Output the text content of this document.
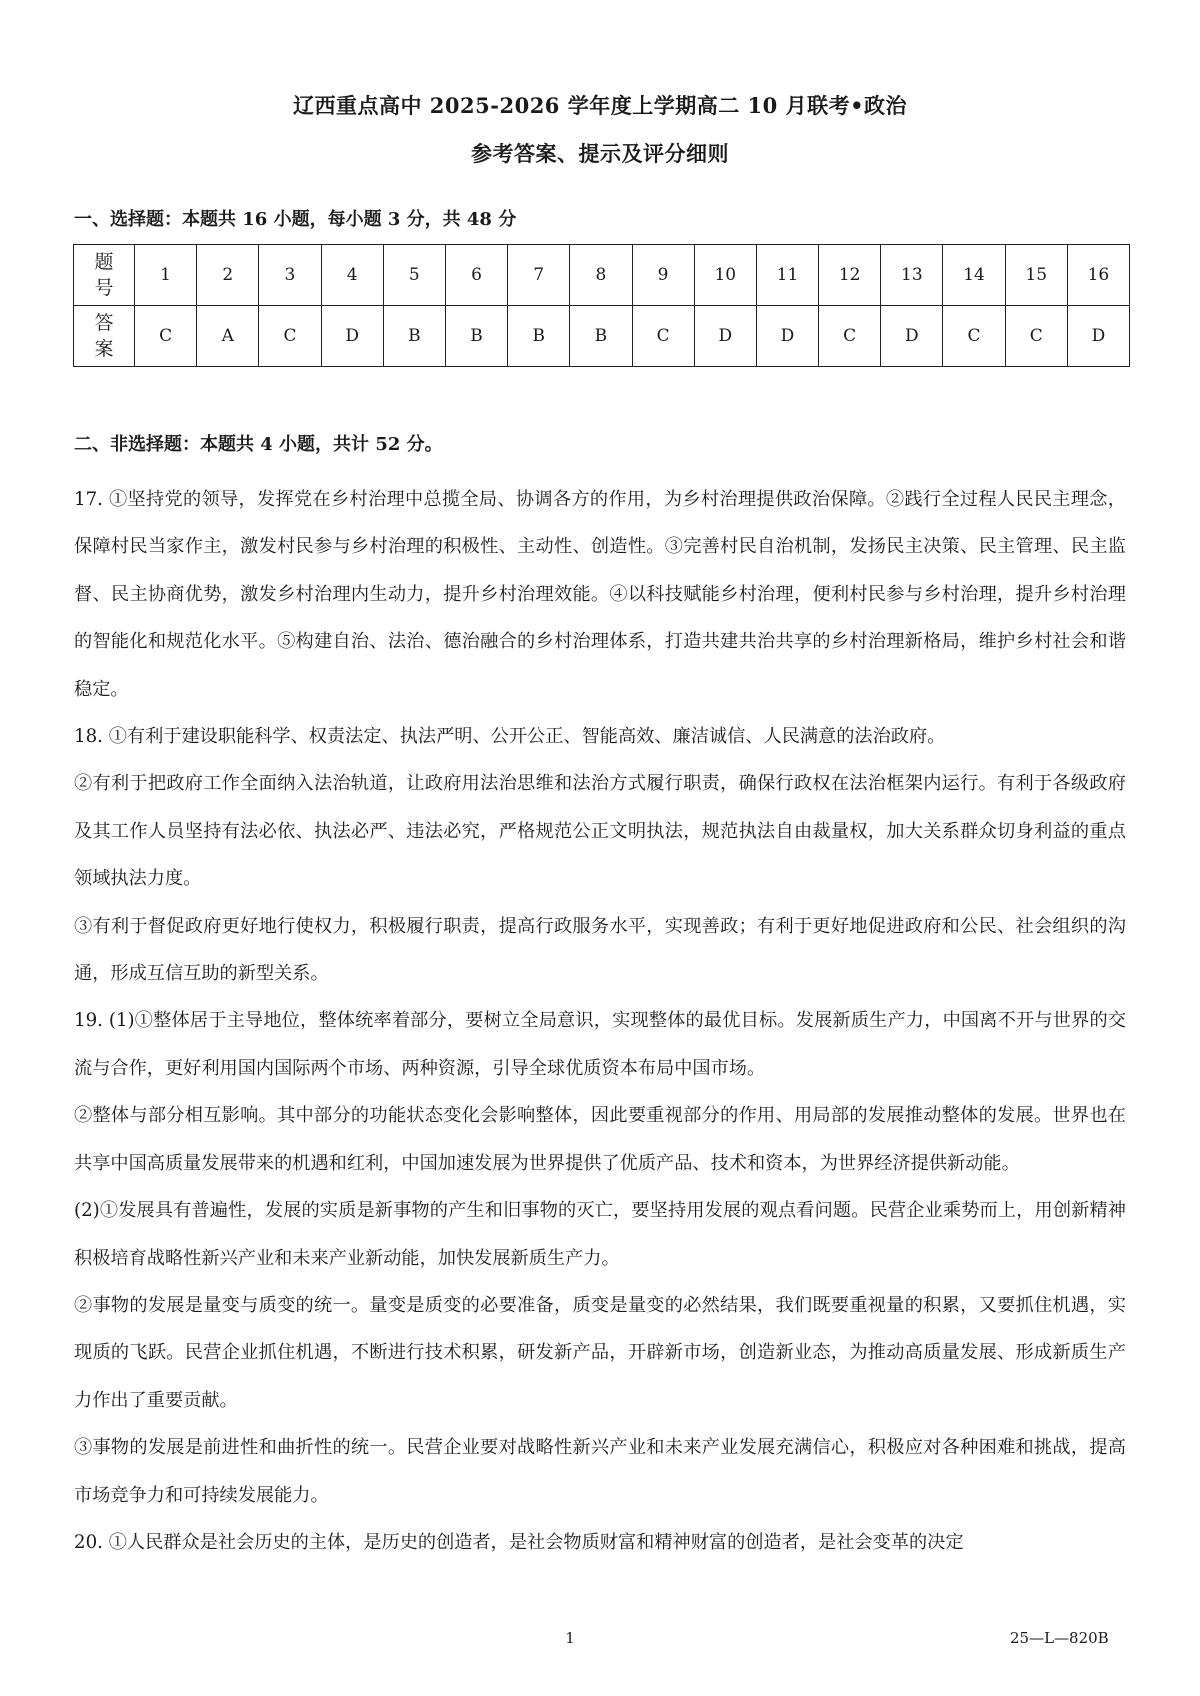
辽西重点高中 2025-2026 学年度上学期高二 10 月联考•政治
参考答案、提示及评分细则
一、选择题：本题共 16 小题，每小题 3 分，共 48 分
题
号	1	2	3	4	5	6	7	8	9	10	11	12	13	14	15	16
答
案	C	A	C	D	B	B	B	B	C	D	D	C	D	C	C	D
二、非选择题：本题共 4 小题，共计 52 分。

17. ①坚持党的领导，发挥党在乡村治理中总揽全局、协调各方的作用，为乡村治理提供政治保障。②践行全过程人民民主理念，保障村民当家作主，激发村民参与乡村治理的积极性、主动性、创造性。③完善村民自治机制，发扬民主决策、民主管理、民主监督、民主协商优势，激发乡村治理内生动力，提升乡村治理效能。④以科技赋能乡村治理，便利村民参与乡村治理，提升乡村治理的智能化和规范化水平。⑤构建自治、法治、德治融合的乡村治理体系，打造共建共治共享的乡村治理新格局，维护乡村社会和谐稳定。

18. ①有利于建设职能科学、权责法定、执法严明、公开公正、智能高效、廉洁诚信、人民满意的法治政府。

②有利于把政府工作全面纳入法治轨道，让政府用法治思维和法治方式履行职责，确保行政权在法治框架内运行。有利于各级政府及其工作人员坚持有法必依、执法必严、违法必究，严格规范公正文明执法，规范执法自由裁量权，加大关系群众切身利益的重点领域执法力度。

③有利于督促政府更好地行使权力，积极履行职责，提高行政服务水平，实现善政；有利于更好地促进政府和公民、社会组织的沟通，形成互信互助的新型关系。

19. (1)①整体居于主导地位，整体统率着部分，要树立全局意识，实现整体的最优目标。发展新质生产力，中国离不开与世界的交流与合作，更好利用国内国际两个市场、两种资源，引导全球优质资本布局中国市场。

②整体与部分相互影响。其中部分的功能状态变化会影响整体，因此要重视部分的作用、用局部的发展推动整体的发展。世界也在共享中国高质量发展带来的机遇和红利，中国加速发展为世界提供了优质产品、技术和资本，为世界经济提供新动能。

(2)①发展具有普遍性，发展的实质是新事物的产生和旧事物的灭亡，要坚持用发展的观点看问题。民营企业乘势而上，用创新精神积极培育战略性新兴产业和未来产业新动能，加快发展新质生产力。

②事物的发展是量变与质变的统一。量变是质变的必要准备，质变是量变的必然结果，我们既要重视量的积累，又要抓住机遇，实现质的飞跃。民营企业抓住机遇，不断进行技术积累，研发新产品，开辟新市场，创造新业态，为推动高质量发展、形成新质生产力作出了重要贡献。

③事物的发展是前进性和曲折性的统一。民营企业要对战略性新兴产业和未来产业发展充满信心，积极应对各种困难和挑战，提高市场竞争力和可持续发展能力。

20. ①人民群众是社会历史的主体，是历史的创造者，是社会物质财富和精神财富的创造者，是社会变革的决定

1	25—L—820B
